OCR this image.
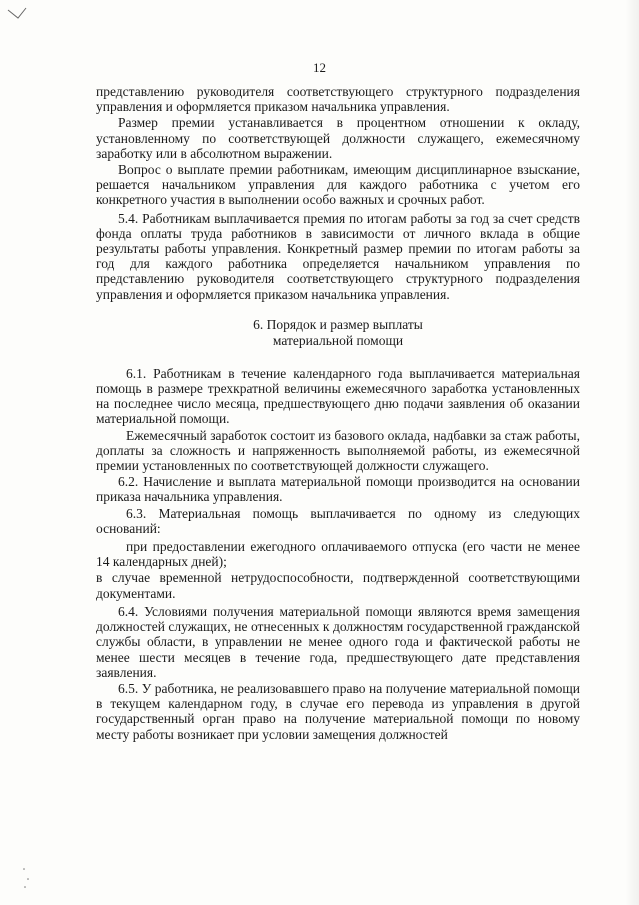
12

представлению руководителя соответствующего структурного подразделения управления и оформляется приказом начальника управления.

Размер премии устанавливается в процентном отношении к окладу, установленному по соответствующей должности служащего, ежемесячному заработку или в абсолютном выражении.

Вопрос о выплате премии работникам, имеющим дисциплинарное взыскание, решается начальником управления для каждого работника с учетом его конкретного участия в выполнении особо важных и срочных работ.

5.4. Работникам выплачивается премия по итогам работы за год за счет средств фонда оплаты труда работников в зависимости от личного вклада в общие результаты работы управления. Конкретный размер премии по итогам работы за год для каждого работника определяется начальником управления по представлению руководителя соответствующего структурного подразделения управления и оформляется приказом начальника управления.

6. Порядок и размер выплаты
материальной помощи

6.1. Работникам в течение календарного года выплачивается материальная помощь в размере трехкратной величины ежемесячного заработка установленных на последнее число месяца, предшествующего дню подачи заявления об оказании материальной помощи.

Ежемесячный заработок состоит из базового оклада, надбавки за стаж работы, доплаты за сложность и напряженность выполняемой работы, из ежемесячной премии установленных по соответствующей должности служащего.

6.2. Начисление и выплата материальной помощи производится на основании приказа начальника управления.

6.3. Материальная помощь выплачивается по одному из следующих оснований:

при предоставлении ежегодного оплачиваемого отпуска (его части не менее 14 календарных дней);

в случае временной нетрудоспособности, подтвержденной соответствующими документами.

6.4. Условиями получения материальной помощи являются время замещения должностей служащих, не отнесенных к должностям государственной гражданской службы области, в управлении не менее одного года и фактической работы не менее шести месяцев в течение года, предшествующего дате представления заявления.

6.5. У работника, не реализовавшего право на получение материальной помощи в текущем календарном году, в случае его перевода из управления в другой государственный орган право на получение материальной помощи по новому месту работы возникает при условии замещения должностей
